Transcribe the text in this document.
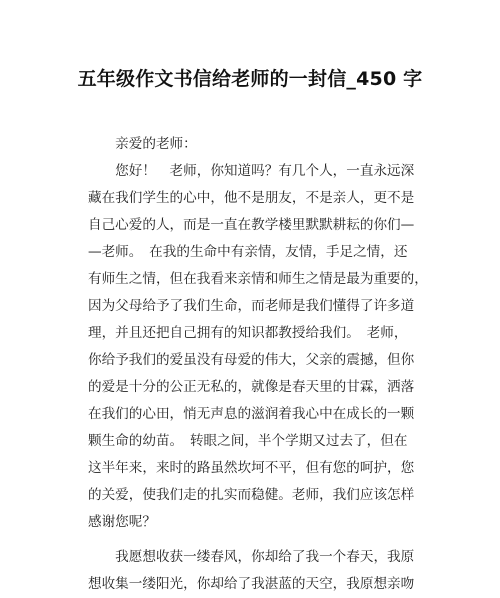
五年级作文书信给老师的一封信_450 字
　　亲爱的老师：
　　您好！　老师，你知道吗？有几个人，一直永远深
藏在我们学生的心中，他不是朋友，不是亲人，更不是
自己心爱的人，而是一直在教学楼里默默耕耘的你们—
—老师。　在我的生命中有亲情，友情，手足之情，还
有师生之情，但在我看来亲情和师生之情是最为重要的，
因为父母给予了我们生命，而老师是我们懂得了许多道
理，并且还把自己拥有的知识都教授给我们。　老师，
你给予我们的爱虽没有母爱的伟大，父亲的震撼，但你
的爱是十分的公正无私的，就像是春天里的甘霖，洒落
在我们的心田，悄无声息的滋润着我心中在成长的一颗
颗生命的幼苗。　转眼之间，半个学期又过去了，但在
这半年来，来时的路虽然坎坷不平，但有您的呵护，您
的关爱，使我们走的扎实而稳健。老师，我们应该怎样
感谢您呢？
　　我愿想收获一缕春风，你却给了我一个春天，我原
想收集一缕阳光，你却给了我湛蓝的天空，我原想亲吻
